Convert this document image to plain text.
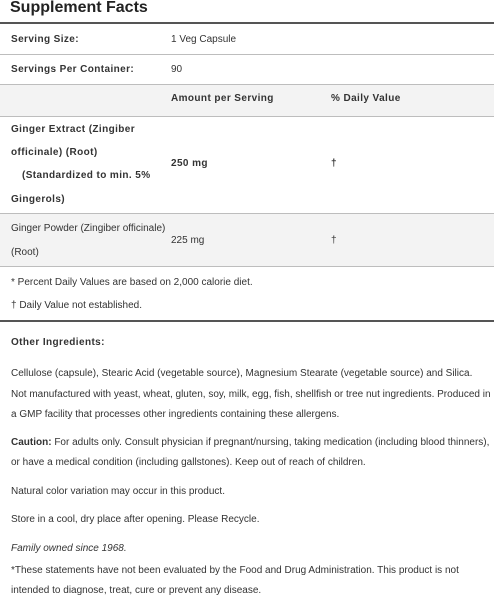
Supplement Facts
Serving Size:	1 Veg Capsule
Servings Per Container:	90
Amount per Serving	% Daily Value
Ginger Extract (Zingiber
officinale) (Root)
(Standardized to min. 5%
Gingerols)
250 mg	†
Ginger Powder (Zingiber officinale)
(Root)
225 mg	†
* Percent Daily Values are based on 2,000 calorie diet.
† Daily Value not established.
Other Ingredients:
Cellulose (capsule), Stearic Acid (vegetable source), Magnesium Stearate (vegetable source) and Silica.
Not manufactured with yeast, wheat, gluten, soy, milk, egg, fish, shellfish or tree nut ingredients. Produced in a GMP facility that processes other ingredients containing these allergens.
Caution: For adults only. Consult physician if pregnant/nursing, taking medication (including blood thinners), or have a medical condition (including gallstones). Keep out of reach of children.
Natural color variation may occur in this product.
Store in a cool, dry place after opening. Please Recycle.
Family owned since 1968.
*These statements have not been evaluated by the Food and Drug Administration. This product is not intended to diagnose, treat, cure or prevent any disease.
